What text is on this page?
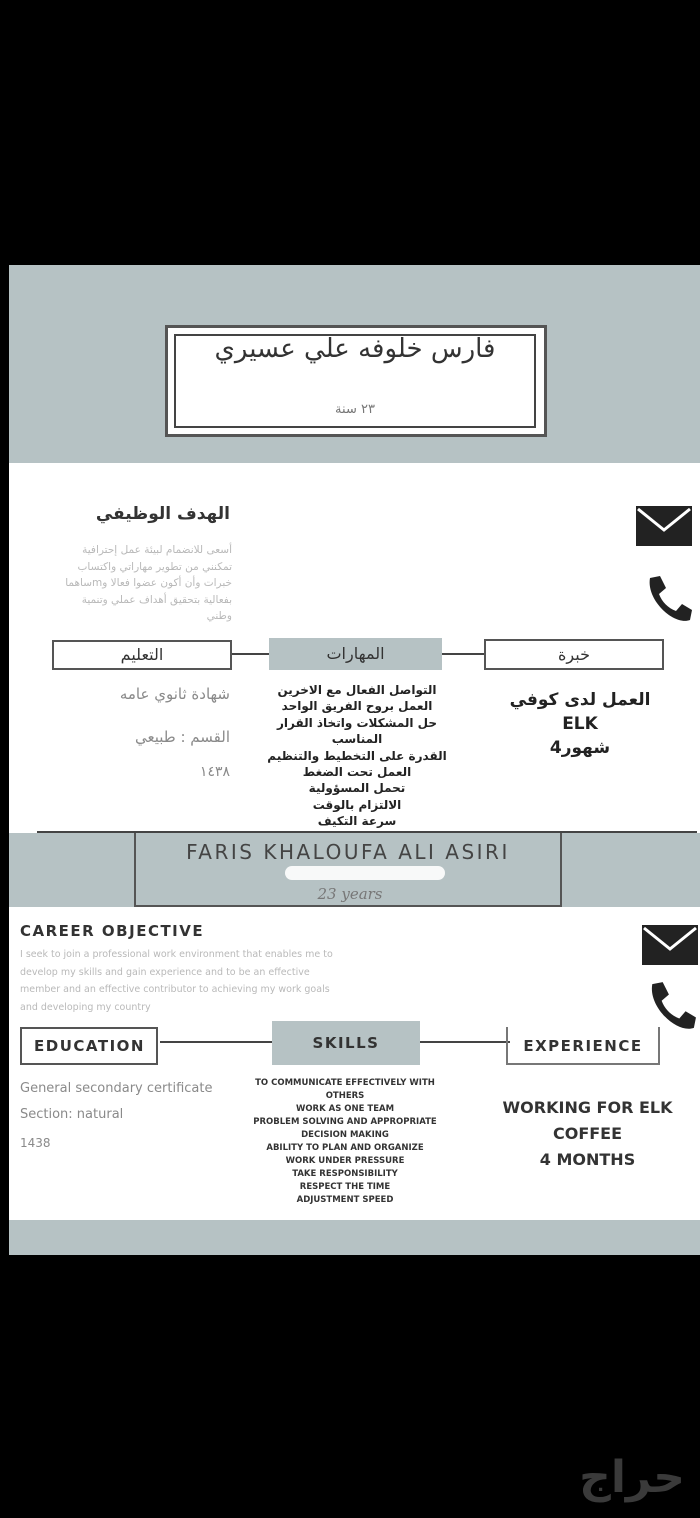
فارس خلوفه علي عسيري
٢٣ سنة
الهدف الوظيفي
أسعى للانضمام لبيئة عمل إحترافية
تمكنني من تطوير مهاراتي واكتساب
خبرات وأن أكون عضوا فعالا وmساهما
بفعالية بتحقيق أهداف عملي وتنمية
وطني
التعليم	المهارات	خبرة
شهادة ثانوي عامه
القسم : طبيعي
١٤٣٨
التواصل الفعال مع الاخرين
العمل بروح الفريق الواحد
حل المشكلات واتخاذ القرار
المناسب
القدرة على التخطيط والتنظيم
العمل تحت الضغط
تحمل المسؤولية
الالتزام بالوقت
سرعة التكيف
العمل لدى كوفي
ELK
شهور4
FARIS KHALOUFA ALI ASIRI
23 years
CAREER OBJECTIVE
I seek to join a professional work environment that enables me to
develop my skills and gain experience and to be an effective
member and an effective contributor to achieving my work goals
and developing my country
EDUCATION	SKILLS	EXPERIENCE
General secondary certificate
Section: natural
1438
TO COMMUNICATE EFFECTIVELY WITH
OTHERS
WORK AS ONE TEAM
PROBLEM SOLVING AND APPROPRIATE
DECISION MAKING
ABILITY TO PLAN AND ORGANIZE
WORK UNDER PRESSURE
TAKE RESPONSIBILITY
RESPECT THE TIME
ADJUSTMENT SPEED
WORKING FOR ELK
COFFEE
4 MONTHS
حراج
